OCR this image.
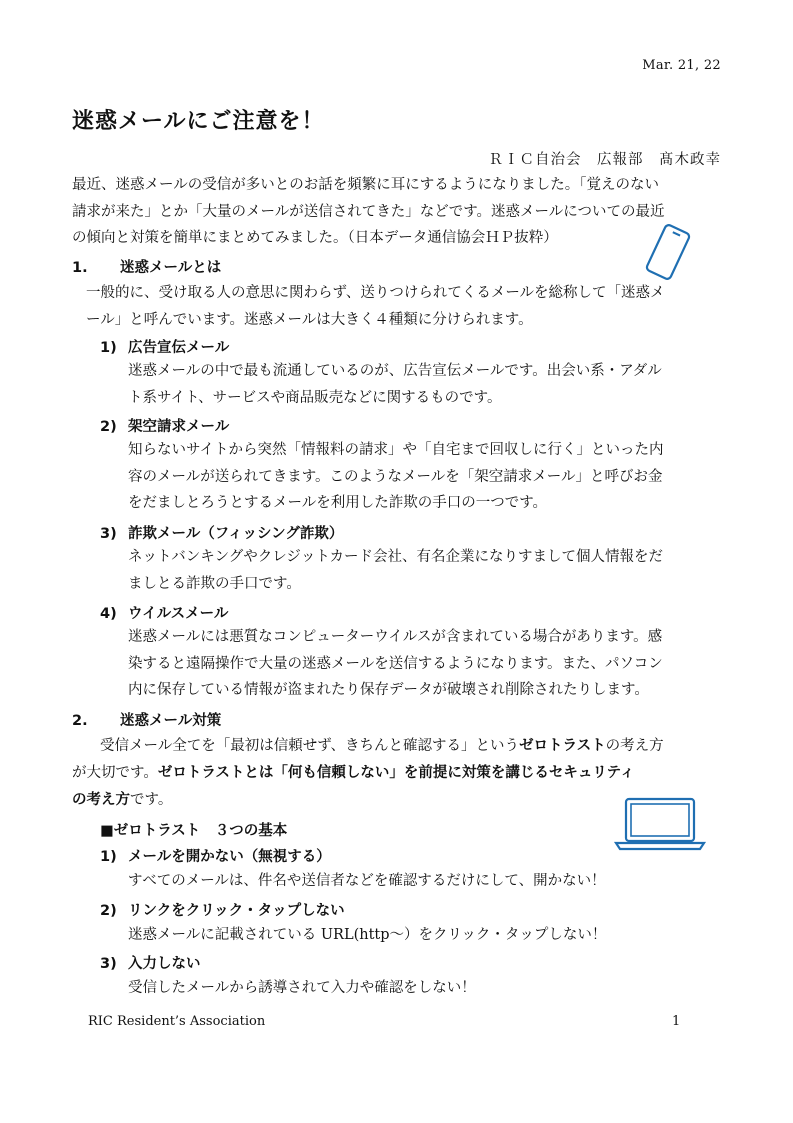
Mar. 21, 22
迷惑メールにご注意を！
ＲＩＣ自治会　広報部　髙木政幸
最近、迷惑メールの受信が多いとのお話を頻繁に耳にするようになりました。「覚えのない
請求が来た」とか「大量のメールが送信されてきた」などです。迷惑メールについての最近
の傾向と対策を簡単にまとめてみました。（日本データ通信協会ＨＰ抜粋）
1. 迷惑メールとは
一般的に、受け取る人の意思に関わらず、送りつけられてくるメールを総称して「迷惑メ
ール」と呼んでいます。迷惑メールは大きく４種類に分けられます。
1) 広告宣伝メール
迷惑メールの中で最も流通しているのが、広告宣伝メールです。出会い系・アダル
ト系サイト、サービスや商品販売などに関するものです。
2) 架空請求メール
知らないサイトから突然「情報料の請求」や「自宅まで回収しに行く」といった内
容のメールが送られてきます。このようなメールを「架空請求メール」と呼びお金
をだましとろうとするメールを利用した詐欺の手口の一つです。
3) 詐欺メール（フィッシング詐欺）
ネットバンキングやクレジットカード会社、有名企業になりすまして個人情報をだ
ましとる詐欺の手口です。
4) ウイルスメール
迷惑メールには悪質なコンピューターウイルスが含まれている場合があります。感
染すると遠隔操作で大量の迷惑メールを送信するようになります。また、パソコン
内に保存している情報が盗まれたり保存データが破壊され削除されたりします。
2. 迷惑メール対策
受信メール全てを「最初は信頼せず、きちんと確認する」というゼロトラストの考え方
が大切です。ゼロトラストとは「何も信頼しない」を前提に対策を講じるセキュリティ
の考え方です。
■ゼロトラスト　３つの基本
1) メールを開かない（無視する）
すべてのメールは、件名や送信者などを確認するだけにして、開かない！
2) リンクをクリック・タップしない
迷惑メールに記載されている URL(http～）をクリック・タップしない！
3) 入力しない
受信したメールから誘導されて入力や確認をしない！
RIC Resident’s Association	1
